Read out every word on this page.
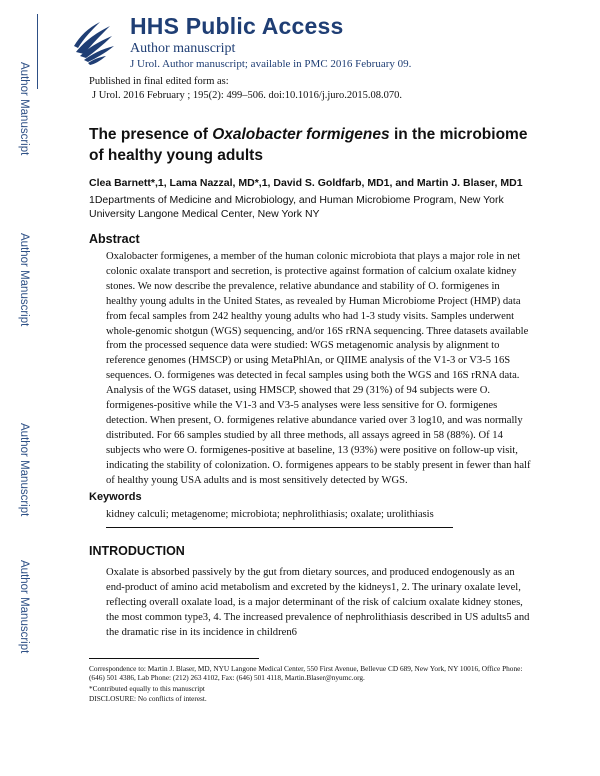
Author Manuscript
Author Manuscript
Author Manuscript
Author Manuscript
HHS Public Access
Author manuscript
J Urol. Author manuscript; available in PMC 2016 February 09.
Published in final edited form as:
J Urol. 2016 February ; 195(2): 499–506. doi:10.1016/j.juro.2015.08.070.
The presence of Oxalobacter formigenes in the microbiome of healthy young adults
Clea Barnett*,1, Lama Nazzal, MD*,1, David S. Goldfarb, MD1, and Martin J. Blaser, MD1
1Departments of Medicine and Microbiology, and Human Microbiome Program, New York University Langone Medical Center, New York NY
Abstract
Oxalobacter formigenes, a member of the human colonic microbiota that plays a major role in net colonic oxalate transport and secretion, is protective against formation of calcium oxalate kidney stones. We now describe the prevalence, relative abundance and stability of O. formigenes in healthy young adults in the United States, as revealed by Human Microbiome Project (HMP) data from fecal samples from 242 healthy young adults who had 1-3 study visits. Samples underwent whole-genomic shotgun (WGS) sequencing, and/or 16S rRNA sequencing. Three datasets available from the processed sequence data were studied: WGS metagenomic analysis by alignment to reference genomes (HMSCP) or using MetaPhlAn, or QIIME analysis of the V1-3 or V3-5 16S sequences. O. formigenes was detected in fecal samples using both the WGS and 16S rRNA data. Analysis of the WGS dataset, using HMSCP, showed that 29 (31%) of 94 subjects were O. formigenes-positive while the V1-3 and V3-5 analyses were less sensitive for O. formigenes detection. When present, O. formigenes relative abundance varied over 3 log10, and was normally distributed. For 66 samples studied by all three methods, all assays agreed in 58 (88%). Of 14 subjects who were O. formigenes-positive at baseline, 13 (93%) were positive on follow-up visit, indicating the stability of colonization. O. formigenes appears to be stably present in fewer than half of healthy young USA adults and is most sensitively detected by WGS.
Keywords
kidney calculi; metagenome; microbiota; nephrolithiasis; oxalate; urolithiasis
INTRODUCTION
Oxalate is absorbed passively by the gut from dietary sources, and produced endogenously as an end-product of amino acid metabolism and excreted by the kidneys1, 2. The urinary oxalate level, reflecting overall oxalate load, is a major determinant of the risk of calcium oxalate kidney stones, the most common type3, 4. The increased prevalence of nephrolithiasis described in US adults5 and the dramatic rise in its incidence in children6
Correspondence to: Martin J. Blaser, MD, NYU Langone Medical Center, 550 First Avenue, Bellevue CD 689, New York, NY 10016, Office Phone: (646) 501 4386, Lab Phone: (212) 263 4102, Fax: (646) 501 4118, Martin.Blaser@nyumc.org.
*Contributed equally to this manuscript
DISCLOSURE: No conflicts of interest.
